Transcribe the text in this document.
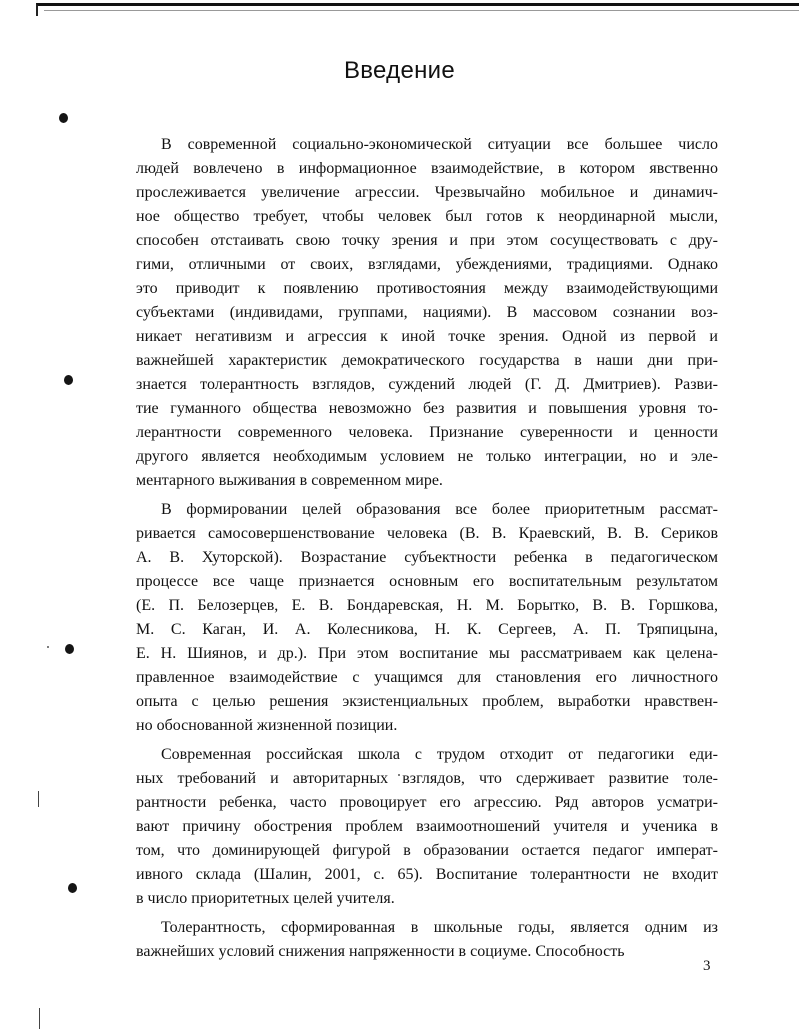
Введение
В современной социально-экономической ситуации все большее число
людей вовлечено в информационное взаимодействие, в котором явственно
прослеживается увеличение агрессии. Чрезвычайно мобильное и динамич-
ное общество требует, чтобы человек был готов к неординарной мысли,
способен отстаивать свою точку зрения и при этом сосуществовать с дру-
гими, отличными от своих, взглядами, убеждениями, традициями. Однако
это приводит к появлению противостояния между взаимодействующими
субъектами (индивидами, группами, нациями). В массовом сознании воз-
никает негативизм и агрессия к иной точке зрения. Одной из первой и
важнейшей характеристик демократического государства в наши дни при-
знается толерантность взглядов, суждений людей (Г. Д. Дмитриев). Разви-
тие гуманного общества невозможно без развития и повышения уровня то-
лерантности современного человека. Признание суверенности и ценности
другого является необходимым условием не только интеграции, но и эле-
ментарного выживания в современном мире.
В формировании целей образования все более приоритетным рассмат-
ривается самосовершенствование человека (В. В. Краевский, В. В. Сериков
А. В. Хуторской). Возрастание субъектности ребенка в педагогическом
процессе все чаще признается основным его воспитательным результатом
(Е. П. Белозерцев, Е. В. Бондаревская, Н. М. Борытко, В. В. Горшкова,
М. С. Каган, И. А. Колесникова, Н. К. Сергеев, А. П. Тряпицына,
Е. Н. Шиянов, и др.). При этом воспитание мы рассматриваем как целена-
правленное взаимодействие с учащимся для становления его личностного
опыта с целью решения экзистенциальных проблем, выработки нравствен-
но обоснованной жизненной позиции.
Современная российская школа с трудом отходит от педагогики еди-
ных требований и авторитарных взглядов, что сдерживает развитие толе-
рантности ребенка, часто провоцирует его агрессию. Ряд авторов усматри-
вают причину обострения проблем взаимоотношений учителя и ученика в
том, что доминирующей фигурой в образовании остается педагог императ-
ивного склада (Шалин, 2001, с. 65). Воспитание толерантности не входит
в число приоритетных целей учителя.
Толерантность, сформированная в школьные годы, является одним из
важнейших условий снижения напряженности в социуме. Способность
3
